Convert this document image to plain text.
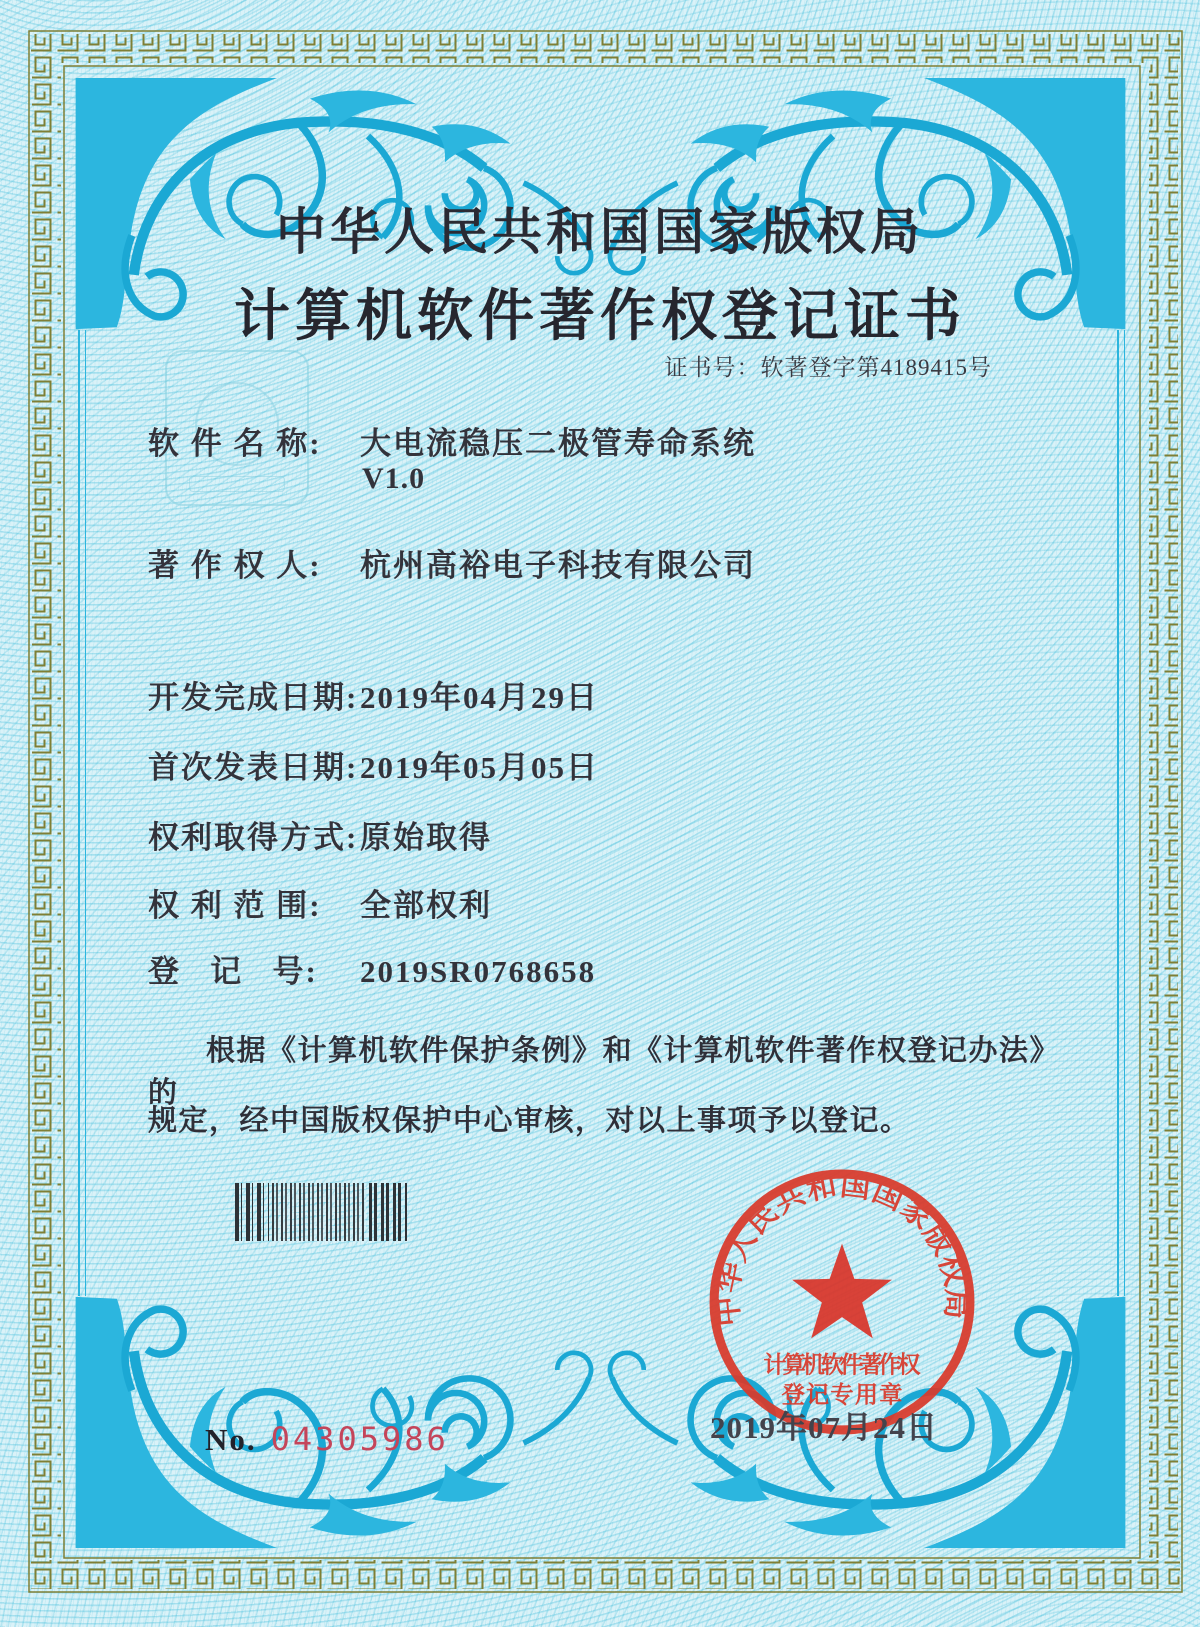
中华人民共和国国家版权局
计算机软件著作权登记证书
证书号：软著登字第4189415号
软 件 名 称: 大电流稳压二极管寿命系统
V1.0
著 作 权 人: 杭州高裕电子科技有限公司
开发完成日期:2019年04月29日
首次发表日期:2019年05月05日
权利取得方式:原始取得
权 利 范 围: 全部权利
登   记   号: 2019SR0768658
根据《计算机软件保护条例》和《计算机软件著作权登记办法》的
规定，经中国版权保护中心审核，对以上事项予以登记。
中华人民共和国国家版权局
计算机软件著作权
登记专用章
2019年07月24日
No. 04305986
